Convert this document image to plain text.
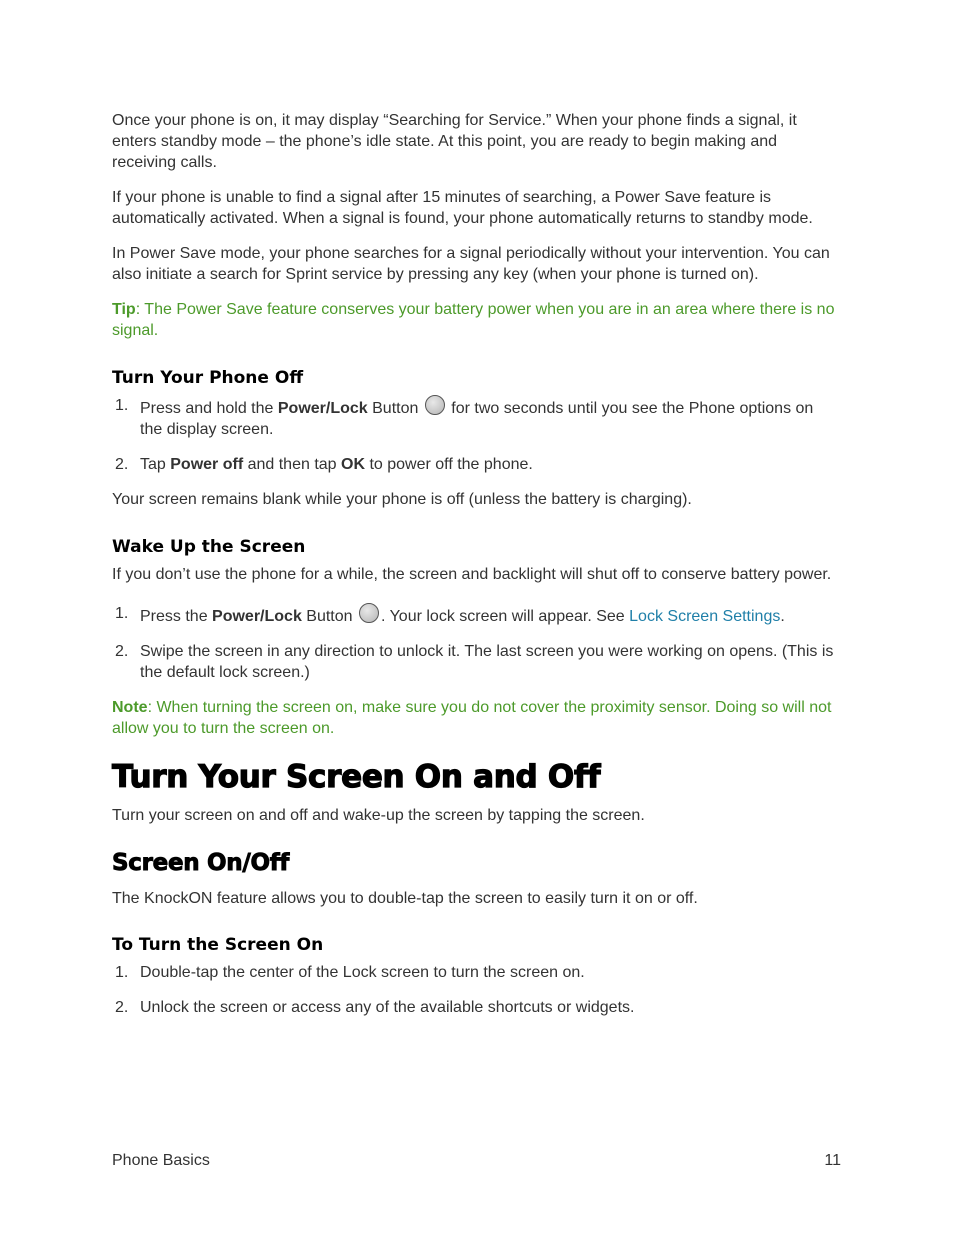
Once your phone is on, it may display “Searching for Service.” When your phone finds a signal, it enters standby mode – the phone’s idle state. At this point, you are ready to begin making and receiving calls.

If your phone is unable to find a signal after 15 minutes of searching, a Power Save feature is automatically activated. When a signal is found, your phone automatically returns to standby mode.

In Power Save mode, your phone searches for a signal periodically without your intervention. You can also initiate a search for Sprint service by pressing any key (when your phone is turned on).

Tip: The Power Save feature conserves your battery power when you are in an area where there is no signal.

Turn Your Phone Off
1. Press and hold the Power/Lock Button  for two seconds until you see the Phone options on the display screen.
2. Tap Power off and then tap OK to power off the phone.

Your screen remains blank while your phone is off (unless the battery is charging).

Wake Up the Screen

If you don’t use the phone for a while, the screen and backlight will shut off to conserve battery power.

1. Press the Power/Lock Button . Your lock screen will appear. See Lock Screen Settings.
2. Swipe the screen in any direction to unlock it. The last screen you were working on opens. (This is the default lock screen.)

Note: When turning the screen on, make sure you do not cover the proximity sensor. Doing so will not allow you to turn the screen on.

Turn Your Screen On and Off

Turn your screen on and off and wake-up the screen by tapping the screen.

Screen On/Off

The KnockON feature allows you to double-tap the screen to easily turn it on or off.

To Turn the Screen On
1. Double-tap the center of the Lock screen to turn the screen on.
2. Unlock the screen or access any of the available shortcuts or widgets.
Phone Basics	11
